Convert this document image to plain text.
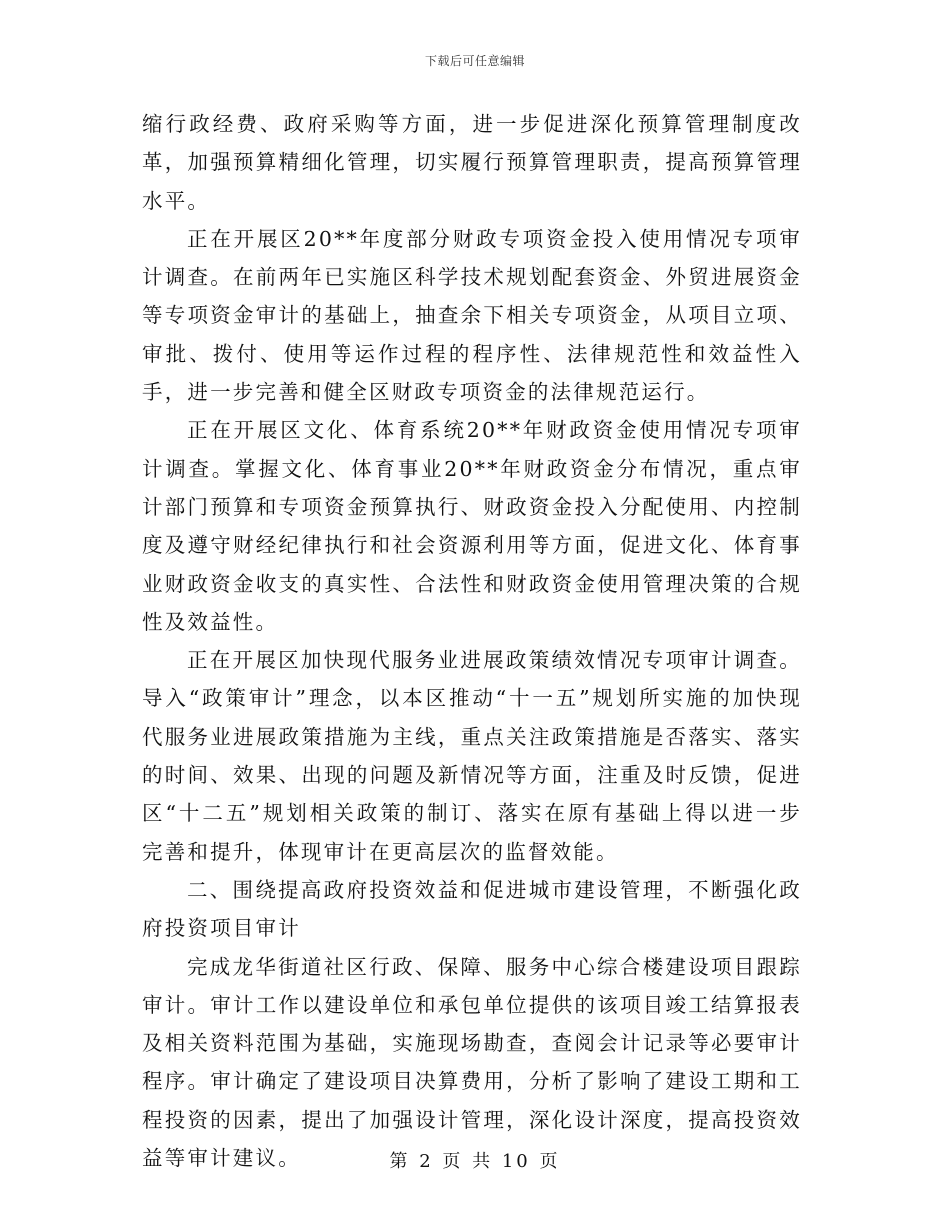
下载后可任意编辑

缩行政经费、政府采购等方面，进一步促进深化预算管理制度改革，加强预算精细化管理，切实履行预算管理职责，提高预算管理水平。

正在开展区20**年度部分财政专项资金投入使用情况专项审计调查。在前两年已实施区科学技术规划配套资金、外贸进展资金等专项资金审计的基础上，抽查余下相关专项资金，从项目立项、审批、拨付、使用等运作过程的程序性、法律规范性和效益性入手，进一步完善和健全区财政专项资金的法律规范运行。

正在开展区文化、体育系统20**年财政资金使用情况专项审计调查。掌握文化、体育事业20**年财政资金分布情况，重点审计部门预算和专项资金预算执行、财政资金投入分配使用、内控制度及遵守财经纪律执行和社会资源利用等方面，促进文化、体育事业财政资金收支的真实性、合法性和财政资金使用管理决策的合规性及效益性。

正在开展区加快现代服务业进展政策绩效情况专项审计调查。导入“政策审计”理念，以本区推动“十一五”规划所实施的加快现代服务业进展政策措施为主线，重点关注政策措施是否落实、落实的时间、效果、出现的问题及新情况等方面，注重及时反馈，促进区“十二五”规划相关政策的制订、落实在原有基础上得以进一步完善和提升，体现审计在更高层次的监督效能。

二、围绕提高政府投资效益和促进城市建设管理，不断强化政府投资项目审计

完成龙华街道社区行政、保障、服务中心综合楼建设项目跟踪审计。审计工作以建设单位和承包单位提供的该项目竣工结算报表及相关资料范围为基础，实施现场勘查，查阅会计记录等必要审计程序。审计确定了建设项目决算费用，分析了影响了建设工期和工程投资的因素，提出了加强设计管理，深化设计深度，提高投资效益等审计建议。	第 2 页 共 10 页
